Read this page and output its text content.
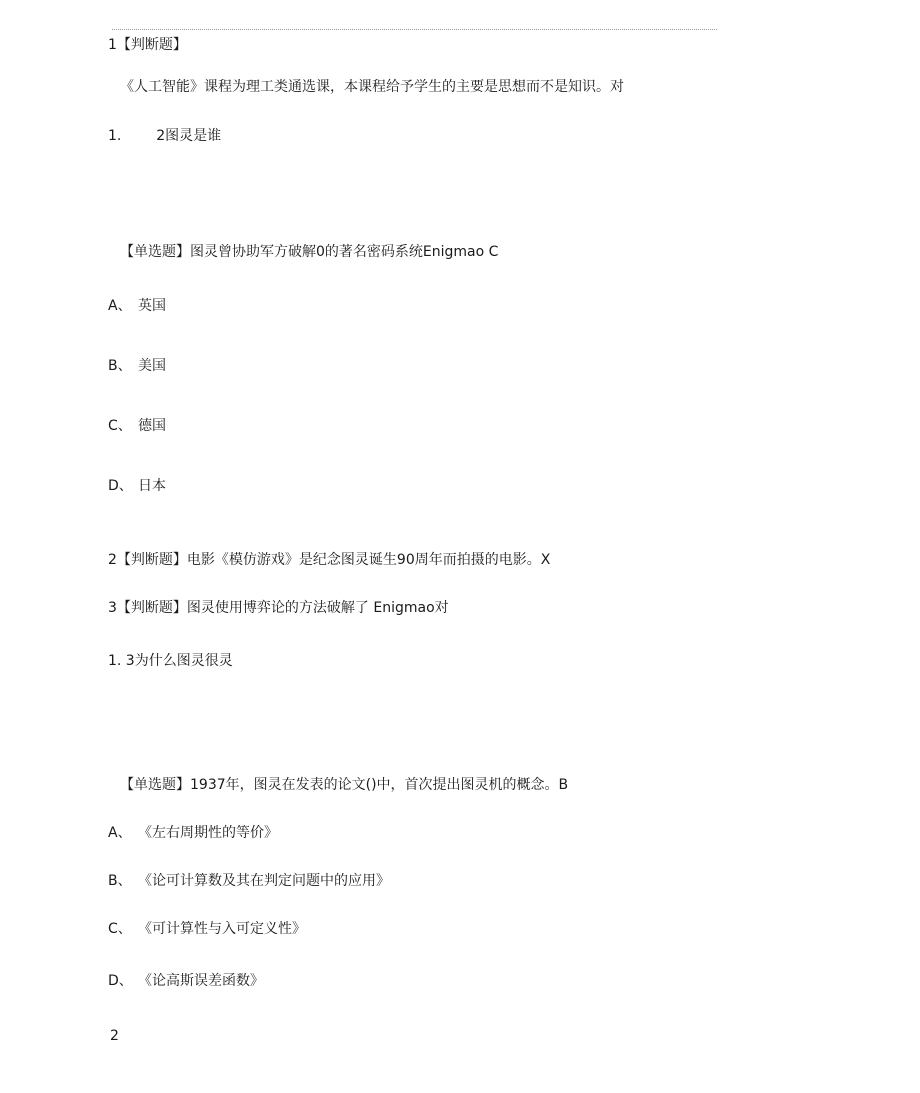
1【判断题】
《人工智能》课程为理工类通选课，本课程给予学生的主要是思想而不是知识。对
1. 2图灵是谁
【单选题】图灵曾协助军方破解0的著名密码系统Enigmao C
A、 英国
B、 美国
C、 德国
D、 日本
2【判断题】电影《模仿游戏》是纪念图灵诞生90周年而拍摄的电影。X
3【判断题】图灵使用博弈论的方法破解了 Enigmao对
1. 3为什么图灵很灵
【单选题】1937年，图灵在发表的论文()中，首次提出图灵机的概念。B
A、 《左右周期性的等价》
B、 《论可计算数及其在判定问题中的应用》
C、 《可计算性与入可定义性》
D、 《论高斯误差函数》
2
